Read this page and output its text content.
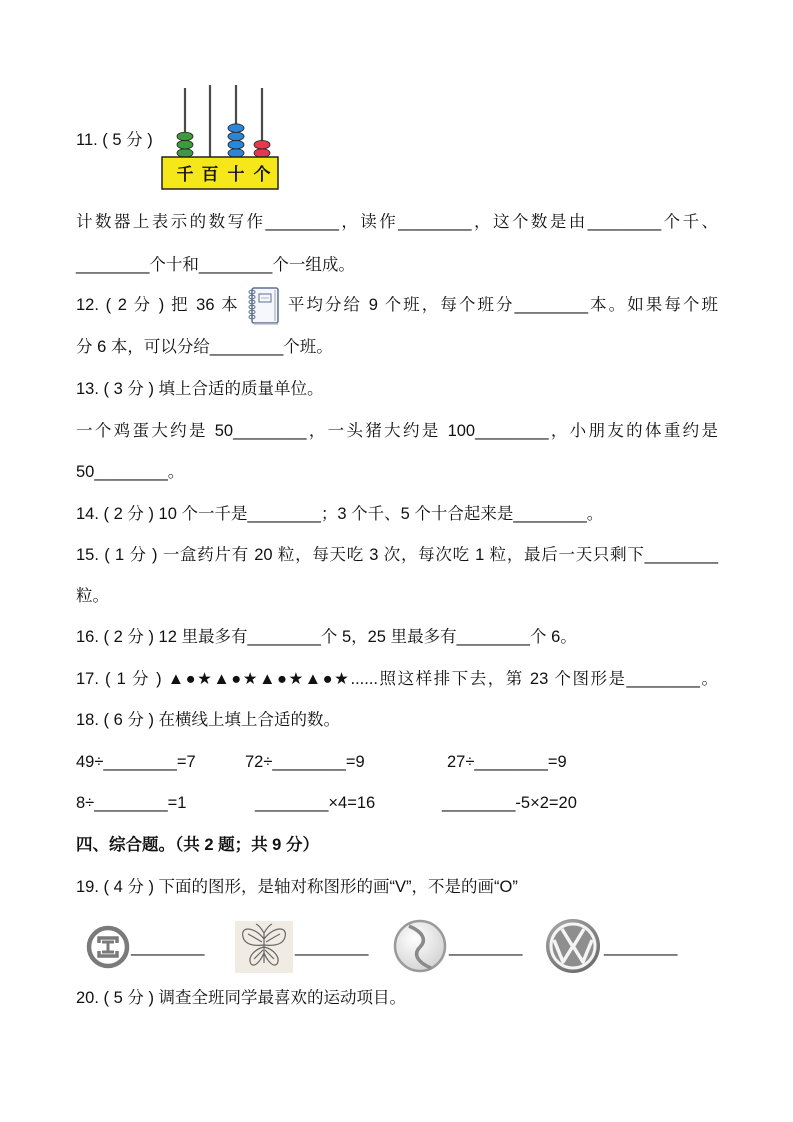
11. ( 5 分 )
千 百 十 个
计数器上表示的数写作________，读作________，这个数是由________个千、
________个十和________个一组成。
12. ( 2 分 ) 把 36 本	平均分给 9 个班，每个班分________本。如果每个班
分 6 本，可以分给________个班。
13. ( 3 分 ) 填上合适的质量单位。
一个鸡蛋大约是 50________，一头猪大约是 100________，小朋友的体重约是
50________。
14. ( 2 分 ) 10 个一千是________；3 个千、5 个十合起来是________。
15. ( 1 分 ) 一盒药片有 20 粒，每天吃 3 次，每次吃 1 粒，最后一天只剩下________
粒。
16. ( 2 分 ) 12 里最多有________个 5，25 里最多有________个 6。
17. ( 1 分 ) ▲●★▲●★▲●★▲●★......照这样排下去，第 23 个图形是________。
18. ( 6 分 ) 在横线上填上合适的数。
49÷________=7	72÷________=9	27÷________=9
8÷________=1	________×4=16	________-5×2=20
四、综合题。（共 2 题；共 9 分）
19. ( 4 分 ) 下面的图形，是轴对称图形的画“V”，不是的画“O”
________	________	________	________
20. ( 5 分 ) 调查全班同学最喜欢的运动项目。
